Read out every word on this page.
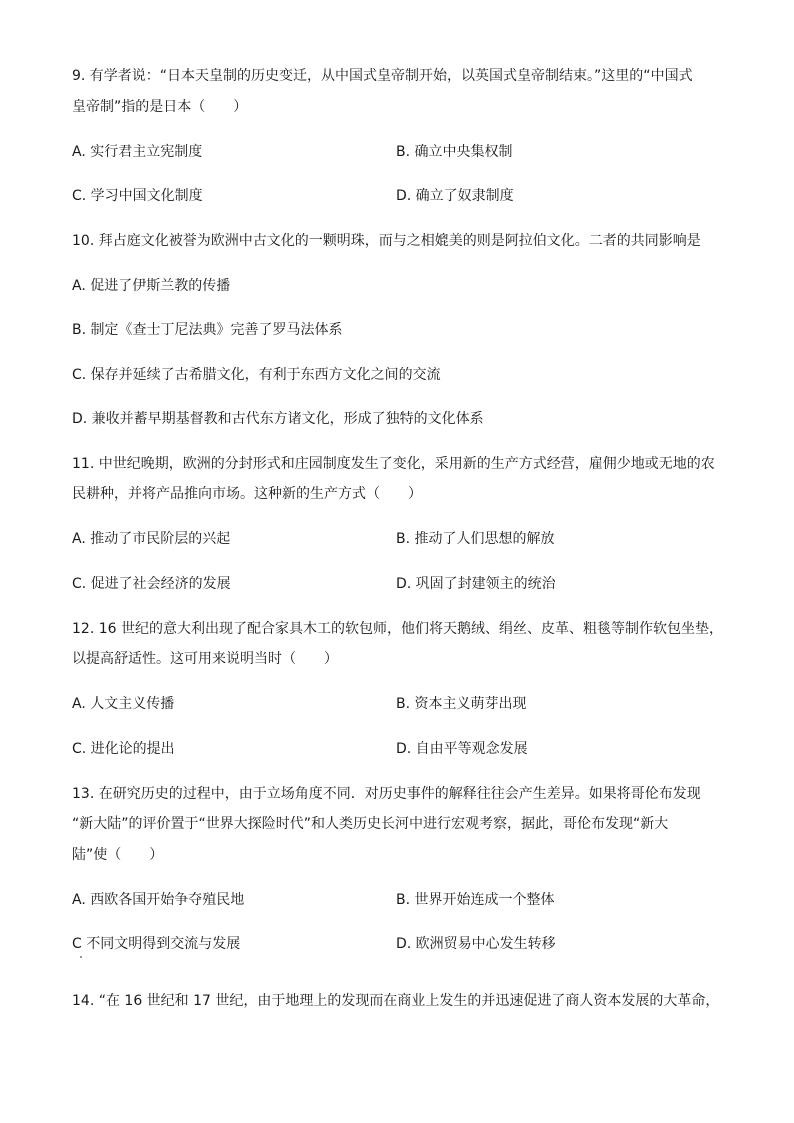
9. 有学者说：“日本天皇制的历史变迁，从中国式皇帝制开始，以英国式皇帝制结束。”这里的“中国式
皇帝制”指的是日本（　　）
A. 实行君主立宪制度	B. 确立中央集权制
C. 学习中国文化制度	D. 确立了奴隶制度
10. 拜占庭文化被誉为欧洲中古文化的一颗明珠，而与之相媲美的则是阿拉伯文化。二者的共同影响是
A. 促进了伊斯兰教的传播
B. 制定《查士丁尼法典》完善了罗马法体系
C. 保存并延续了古希腊文化，有利于东西方文化之间的交流
D. 兼收并蓄早期基督教和古代东方诸文化，形成了独特的文化体系
11. 中世纪晚期，欧洲的分封形式和庄园制度发生了变化，采用新的生产方式经营，雇佣少地或无地的农
民耕种，并将产品推向市场。这种新的生产方式（　　）
A. 推动了市民阶层的兴起	B. 推动了人们思想的解放
C. 促进了社会经济的发展	D. 巩固了封建领主的统治
12. 16 世纪的意大利出现了配合家具木工的软包师，他们将天鹅绒、绢丝、皮革、粗毯等制作软包坐垫，
以提高舒适性。这可用来说明当时（　　）
A. 人文主义传播	B. 资本主义萌芽出现
C. 进化论的提出	D. 自由平等观念发展
13. 在研究历史的过程中，由于立场角度不同．对历史事件的解释往往会产生差异。如果将哥伦布发现
“新大陆”的评价置于“世界大探险时代”和人类历史长河中进行宏观考察，据此，哥伦布发现“新大
陆”使（　　）
A. 西欧各国开始争夺殖民地	B. 世界开始连成一个整体
C 不同文明得到交流与发展	D. 欧洲贸易中心发生转移
14. “在 16 世纪和 17 世纪，由于地理上的发现而在商业上发生的并迅速促进了商人资本发展的大革命，
